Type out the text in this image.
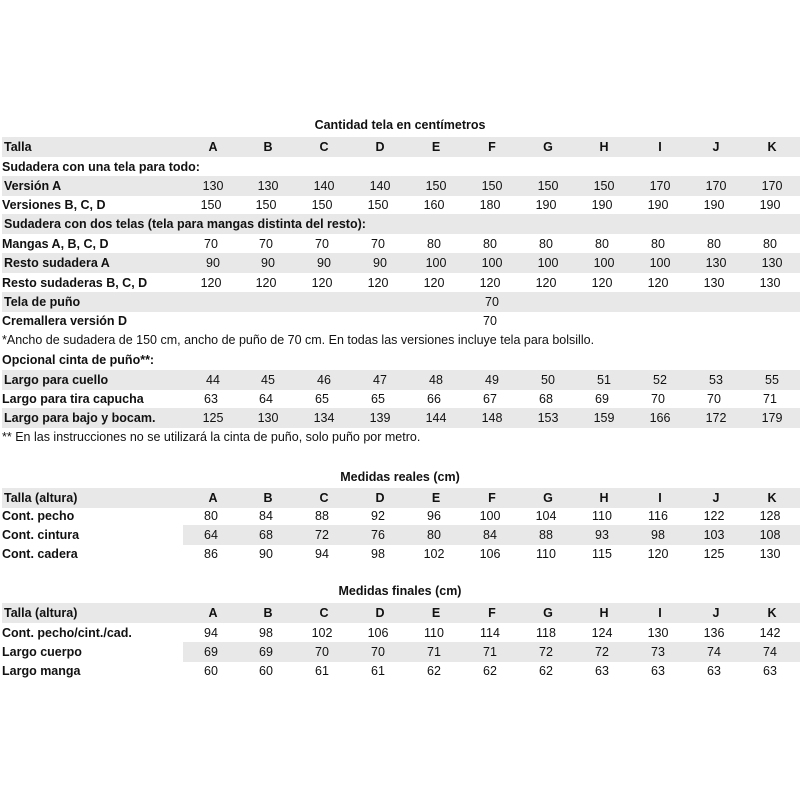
Cantidad tela en centímetros
Talla	A	B	C	D	E	F	G	H	I	J	K
Sudadera con una tela para todo:
Versión A	130	130	140	140	150	150	150	150	170	170	170
Versiones B, C, D	150	150	150	150	160	180	190	190	190	190	190
Sudadera con dos telas (tela para mangas distinta del resto):
Mangas A, B, C, D	70	70	70	70	80	80	80	80	80	80	80
Resto sudadera A	90	90	90	90	100	100	100	100	100	130	130
Resto sudaderas B, C, D	120	120	120	120	120	120	120	120	120	130	130
Tela de puño	70
Cremallera versión D	70
*Ancho de sudadera de 150 cm, ancho de puño de 70 cm. En todas las versiones incluye tela para bolsillo.
Opcional cinta de puño**:
Largo para cuello	44	45	46	47	48	49	50	51	52	53	55
Largo para tira capucha	63	64	65	65	66	67	68	69	70	70	71
Largo para bajo y bocam.	125	130	134	139	144	148	153	159	166	172	179
** En las instrucciones no se utilizará la cinta de puño, solo puño por metro.
Medidas reales (cm)
Talla (altura)	A	B	C	D	E	F	G	H	I	J	K
Cont. pecho	80	84	88	92	96	100	104	110	116	122	128
Cont. cintura	64	68	72	76	80	84	88	93	98	103	108
Cont. cadera	86	90	94	98	102	106	110	115	120	125	130
Medidas finales (cm)
Talla (altura)	A	B	C	D	E	F	G	H	I	J	K
Cont. pecho/cint./cad.	94	98	102	106	110	114	118	124	130	136	142
Largo cuerpo	69	69	70	70	71	71	72	72	73	74	74
Largo manga	60	60	61	61	62	62	62	63	63	63	63
